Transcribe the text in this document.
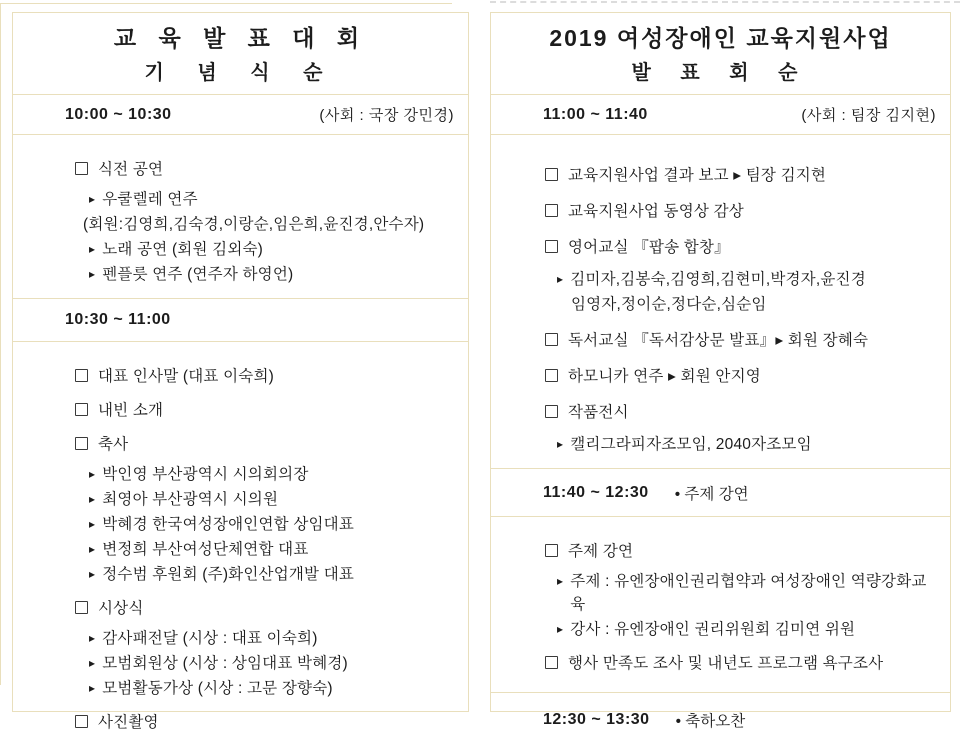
교 육 발 표 대 회
기 념 식 순
10:00 ~ 10:30	(사회 : 국장 강민경)
식전 공연
▸ 우쿨렐레 연주
(회원:김영희,김숙경,이랑순,임은희,윤진경,안수자)
▸ 노래 공연 (회원 김외숙)
▸ 펜플릇 연주 (연주자 하영언)
10:30 ~ 11:00
대표 인사말 (대표 이숙희)
내빈 소개
축사
▸ 박인영 부산광역시 시의회의장
▸ 최영아 부산광역시 시의원
▸ 박혜경 한국여성장애인연합 상임대표
▸ 변정희 부산여성단체연합 대표
▸ 정수범 후원회 (주)화인산업개발 대표
시상식
▸ 감사패전달 (시상 : 대표 이숙희)
▸ 모범회원상 (시상 : 상임대표 박혜경)
▸ 모범활동가상 (시상 : 고문 장향숙)
사진촬영
2019 여성장애인 교육지원사업
발 표 회 순
11:00 ~ 11:40	(사회 : 팀장 김지현)
교육지원사업 결과 보고 ▸ 팀장 김지현
교육지원사업 동영상 감상
영어교실 『팝송 합창』
▸ 김미자,김봉숙,김영희,김현미,박경자,윤진경
임영자,정이순,정다순,심순임
독서교실 『독서감상문 발표』▸ 회원 장혜숙
하모니카 연주 ▸ 회원 안지영
작품전시
▸ 캘리그라피자조모임, 2040자조모임
11:40 ~ 12:30 • 주제 강연
주제 강연
▸ 주제 : 유엔장애인권리협약과 여성장애인 역량강화교육
▸ 강사 : 유엔장애인 권리위원회 김미연 위원
행사 만족도 조사 및 내년도 프로그램 욕구조사
12:30 ~ 13:30 • 축하오찬
